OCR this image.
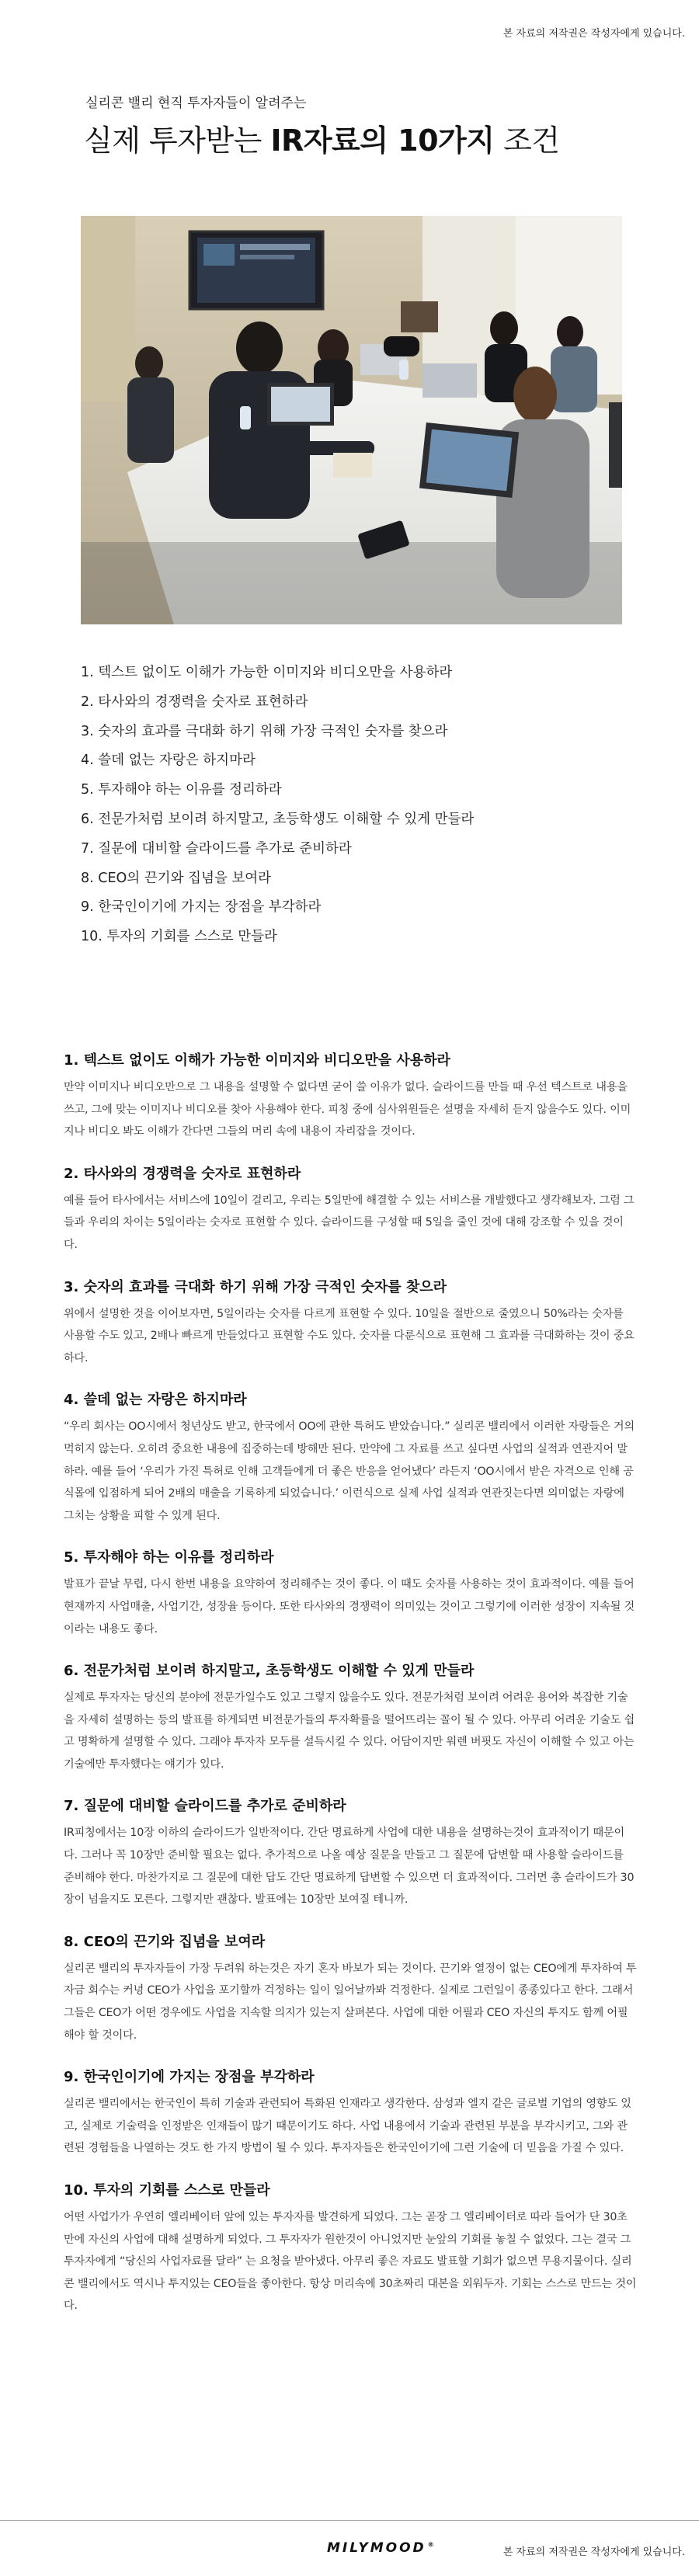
본 자료의 저작권은 작성자에게 있습니다.
실리콘 밸리 현직 투자자들이 알려주는
실제 투자받는 IR자료의 10가지 조건
1. 텍스트 없이도 이해가 가능한 이미지와 비디오만을 사용하라
2. 타사와의 경쟁력을 숫자로 표현하라
3. 숫자의 효과를 극대화 하기 위해 가장 극적인 숫자를 찾으라
4. 쓸데 없는 자랑은 하지마라
5. 투자해야 하는 이유를 정리하라
6. 전문가처럼 보이려 하지말고, 초등학생도 이해할 수 있게 만들라
7. 질문에 대비할 슬라이드를 추가로 준비하라
8. CEO의 끈기와 집념을 보여라
9. 한국인이기에 가지는 장점을 부각하라
10. 투자의 기회를 스스로 만들라
1. 텍스트 없이도 이해가 가능한 이미지와 비디오만을 사용하라

만약 이미지나 비디오만으로 그 내용을 설명할 수 없다면 굳이 쓸 이유가 없다. 슬라이드를 만들 때 우선 텍스트로 내용을 쓰고, 그에 맞는 이미지나 비디오를 찾아 사용해야 한다. 피칭 중에 심사위원들은 설명을 자세히 듣지 않을수도 있다. 이미지나 비디오 봐도 이해가 간다면 그들의 머리 속에 내용이 자리잡을 것이다.

2. 타사와의 경쟁력을 숫자로 표현하라

예를 들어 타사에서는 서비스에 10일이 걸리고, 우리는 5일만에 해결할 수 있는 서비스를 개발했다고 생각해보자. 그럼 그들과 우리의 차이는 5일이라는 숫자로 표현할 수 있다. 슬라이드를 구성할 때 5일을 줄인 것에 대해 강조할 수 있을 것이다.

3. 숫자의 효과를 극대화 하기 위해 가장 극적인 숫자를 찾으라

위에서 설명한 것을 이어보자면, 5일이라는 숫자를 다르게 표현할 수 있다. 10일을 절반으로 줄였으니 50%라는 숫자를 사용할 수도 있고, 2배나 빠르게 만들었다고 표현할 수도 있다. 숫자를 다룬식으로 표현해 그 효과를 극대화하는 것이 중요하다.

4. 쓸데 없는 자랑은 하지마라

“우리 회사는 OO시에서 청년상도 받고, 한국에서 OO에 관한 특허도 받았습니다.” 실리콘 밸리에서 이러한 자랑들은 거의 먹히지 않는다. 오히려 중요한 내용에 집중하는데 방해만 된다. 만약에 그 자료를 쓰고 싶다면 사업의 실적과 연관지어 말하라. 예를 들어 ‘우리가 가진 특허로 인해 고객들에게 더 좋은 반응을 얻어냈다’ 라든지 ‘OO시에서 받은 자격으로 인해 공식몰에 입점하게 되어 2배의 매출을 기록하게 되었습니다.’ 이런식으로 실제 사업 실적과 연관짓는다면 의미없는 자랑에 그치는 상황을 피할 수 있게 된다.

5. 투자해야 하는 이유를 정리하라

발표가 끝날 무렵, 다시 한번 내용을 요약하여 정리해주는 것이 좋다. 이 때도 숫자를 사용하는 것이 효과적이다. 예를 들어 현재까지 사업매출, 사업기간, 성장율 등이다. 또한 타사와의 경쟁력이 의미있는 것이고 그렇기에 이러한 성장이 지속될 것이라는 내용도 좋다.

6. 전문가처럼 보이려 하지말고, 초등학생도 이해할 수 있게 만들라

실제로 투자자는 당신의 분야에 전문가일수도 있고 그렇지 않을수도 있다. 전문가처럼 보이려 어려운 용어와 복잡한 기술을 자세히 설명하는 등의 발표를 하게되면 비전문가들의 투자확률을 떨어뜨리는 꼴이 될 수 있다. 아무리 어려운 기술도 쉽고 명확하게 설명할 수 있다. 그래야 투자자 모두를 설득시킬 수 있다. 어담이지만 워렌 버핏도 자신이 이해할 수 있고 아는 기술에만 투자했다는 얘기가 있다.

7. 질문에 대비할 슬라이드를 추가로 준비하라

IR피칭에서는 10장 이하의 슬라이드가 일반적이다. 간단 명료하게 사업에 대한 내용을 설명하는것이 효과적이기 때문이다. 그러나 꼭 10장만 준비할 필요는 없다. 추가적으로 나올 예상 질문을 만들고 그 질문에 답변할 때 사용할 슬라이드를 준비해야 한다. 마찬가지로 그 질문에 대한 답도 간단 명료하게 답변할 수 있으면 더 효과적이다. 그러면 총 슬라이드가 30장이 넘을지도 모른다. 그렇지만 괜찮다. 발표에는 10장만 보여질 테니까.

8. CEO의 끈기와 집념을 보여라

실리콘 밸리의 투자자들이 가장 두려워 하는것은 자기 혼자 바보가 되는 것이다. 끈기와 열정이 없는 CEO에게 투자하여 투자금 회수는 커녕 CEO가 사업을 포기할까 걱정하는 일이 일어날까봐 걱정한다. 실제로 그런일이 종종있다고 한다. 그래서 그들은 CEO가 어떤 경우에도 사업을 지속할 의지가 있는지 살펴본다. 사업에 대한 어필과 CEO 자신의 투지도 함께 어필해야 할 것이다.

9. 한국인이기에 가지는 장점을 부각하라

실리콘 밸리에서는 한국인이 특히 기술과 관련되어 특화된 인재라고 생각한다. 삼성과 엘지 같은 글로벌 기업의 영향도 있고, 실제로 기술력을 인정받은 인재들이 많기 때문이기도 하다. 사업 내용에서 기술과 관련된 부분을 부각시키고, 그와 관련된 경험들을 나열하는 것도 한 가지 방법이 될 수 있다. 투자자들은 한국인이기에 그런 기술에 더 믿음을 가질 수 있다.

10. 투자의 기회를 스스로 만들라

어떤 사업가가 우연히 엘리베이터 앞에 있는 투자자를 발견하게 되었다. 그는 곧장 그 엘리베이터로 따라 들어가 단 30초만에 자신의 사업에 대해 설명하게 되었다. 그 투자자가 원한것이 아니었지만 눈앞의 기회를 놓칠 수 없었다. 그는 결국 그 투자자에게 “당신의 사업자료를 달라” 는 요청을 받아냈다. 아무리 좋은 자료도 발표할 기회가 없으면 무용지물이다. 실리콘 밸리에서도 역시나 투지있는 CEO들을 좋아한다. 항상 머리속에 30초짜리 대본을 외워두자. 기회는 스스로 만드는 것이다.

MILYMOOD ®
본 자료의 저작권은 작성자에게 있습니다.
